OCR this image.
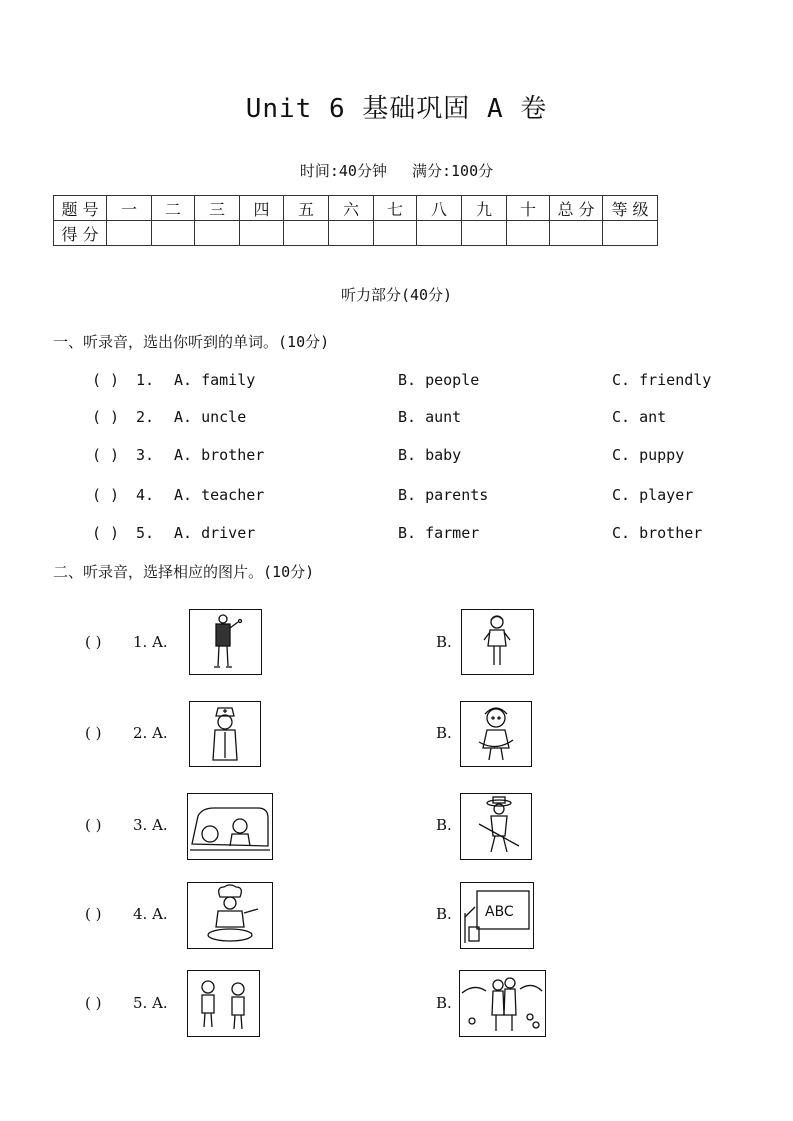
Unit 6 基础巩固 A 卷
时间:40分钟 满分:100分
题 号	一	二	三	四	五	六	七	八	九	十	总 分	等 级
得 分												
听力部分(40分)
一、听录音，选出你听到的单词。(10分)
( ) 1. A. family	B. people	C. friendly
( ) 2. A. uncle	B. aunt	C. ant
( ) 3. A. brother	B. baby	C. puppy
( ) 4. A. teacher	B. parents	C. player
( ) 5. A. driver	B. farmer	C. brother
二、听录音，选择相应的图片。(10分)
( ) 1. A.	B.
( ) 2. A.	B.
( ) 3. A.	B.
( ) 4. A.	B. ABC
( ) 5. A.	B.
